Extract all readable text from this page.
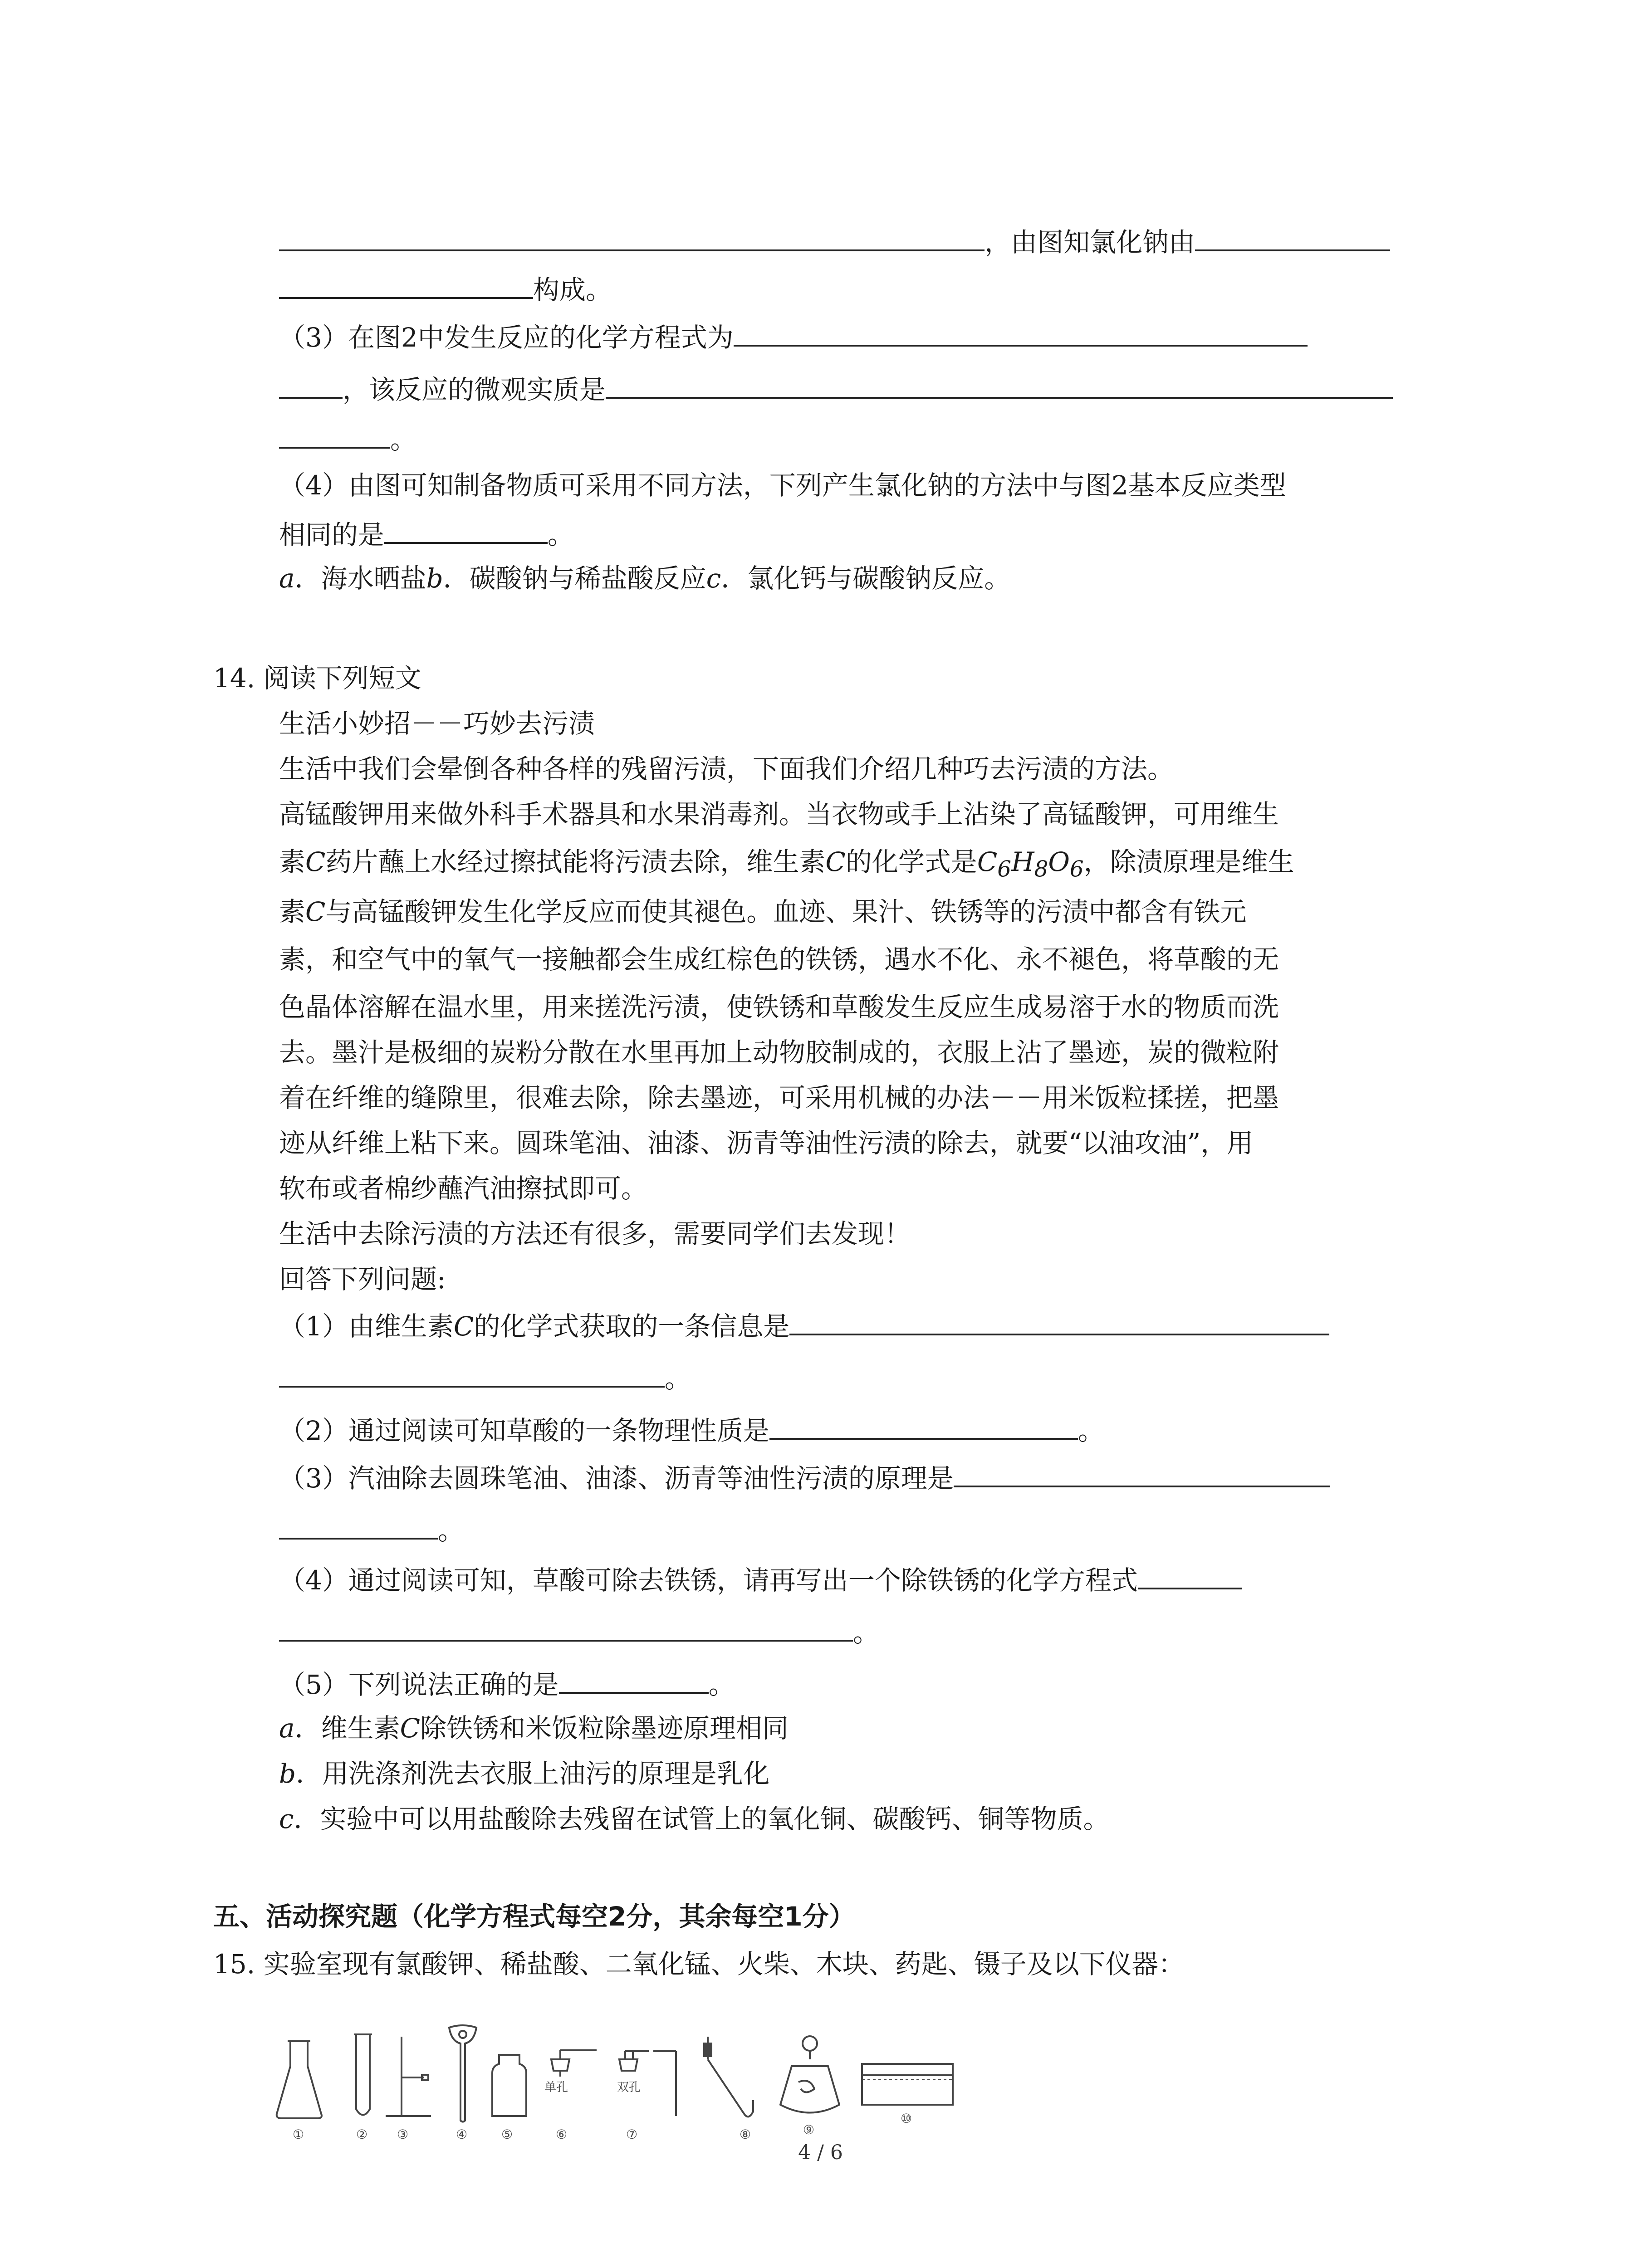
，由图知氯化钠由
构成。
（3）在图2中发生反应的化学方程式为
，该反应的微观实质是
。
（4）由图可知制备物质可采用不同方法，下列产生氯化钠的方法中与图2基本反应类型
相同的是	。
a．海水晒盐b．碳酸钠与稀盐酸反应c．氯化钙与碳酸钠反应。
14. 阅读下列短文
生活小妙招－－巧妙去污渍
生活中我们会晕倒各种各样的残留污渍，下面我们介绍几种巧去污渍的方法。
高锰酸钾用来做外科手术器具和水果消毒剂。当衣物或手上沾染了高锰酸钾，可用维生
素C药片蘸上水经过擦拭能将污渍去除，维生素C的化学式是$C_6H_8O_6$，除渍原理是维生
素C与高锰酸钾发生化学反应而使其褪色。血迹、果汁、铁锈等的污渍中都含有铁元
素，和空气中的氧气一接触都会生成红棕色的铁锈，遇水不化、永不褪色，将草酸的无
色晶体溶解在温水里，用来搓洗污渍，使铁锈和草酸发生反应生成易溶于水的物质而洗
去。墨汁是极细的炭粉分散在水里再加上动物胶制成的，衣服上沾了墨迹，炭的微粒附
着在纤维的缝隙里，很难去除，除去墨迹，可采用机械的办法－－用米饭粒揉搓，把墨
迹从纤维上粘下来。圆珠笔油、油漆、沥青等油性污渍的除去，就要“以油攻油”，用
软布或者棉纱蘸汽油擦拭即可。
生活中去除污渍的方法还有很多，需要同学们去发现！
回答下列问题:
（1）由维生素C的化学式获取的一条信息是
。
（2）通过阅读可知草酸的一条物理性质是	。
（3）汽油除去圆珠笔油、油漆、沥青等油性污渍的原理是
。
（4）通过阅读可知，草酸可除去铁锈，请再写出一个除铁锈的化学方程式
。
（5）下列说法正确的是	。
a．维生素C除铁锈和米饭粒除墨迹原理相同
b．用洗涤剂洗去衣服上油污的原理是乳化
c．实验中可以用盐酸除去残留在试管上的氧化铜、碳酸钙、铜等物质。
五、活动探究题（化学方程式每空2分，其余每空1分）
15. 实验室现有氯酸钾、稀盐酸、二氧化锰、火柴、木块、药匙、镊子及以下仪器：
单孔	双孔
①	② ③	④	⑤	⑥	⑦	⑧	⑨
⑩
4 / 6
